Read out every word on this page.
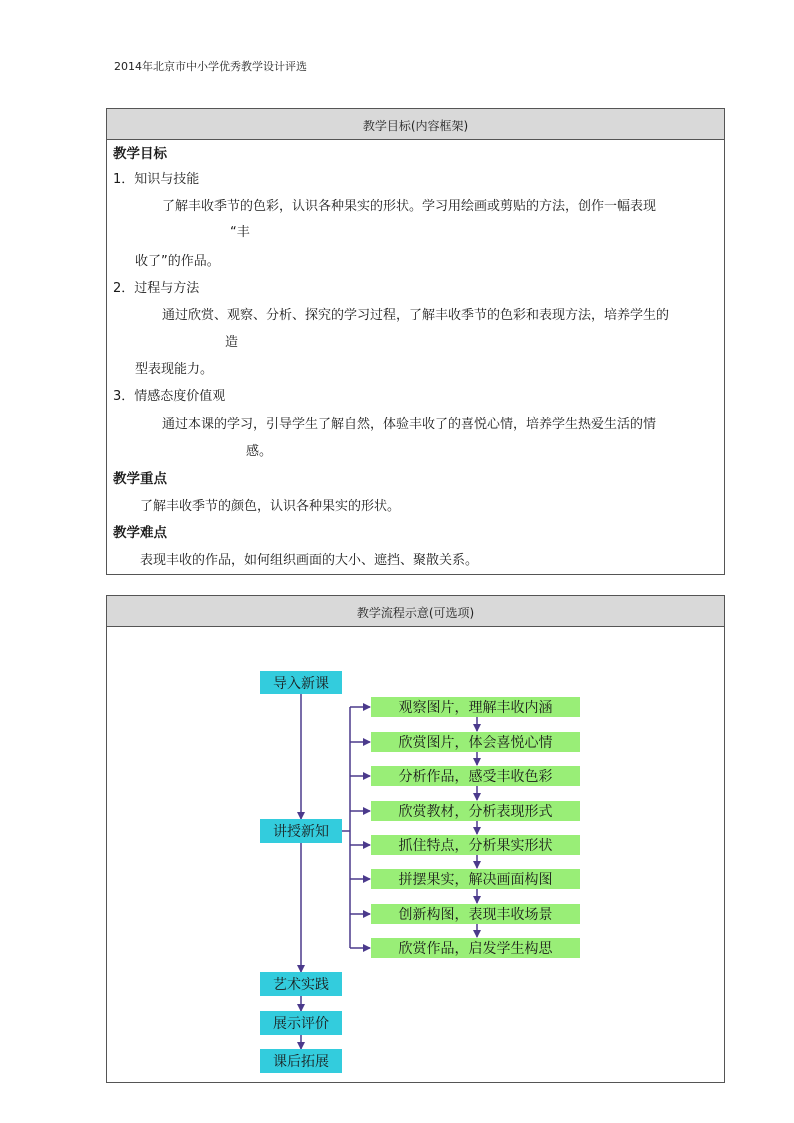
2014年北京市中小学优秀教学设计评选
教学目标(内容框架)
教学目标
1．知识与技能
了解丰收季节的色彩，认识各种果实的形状。学习用绘画或剪贴的方法，创作一幅表现
“丰
收了”的作品。
2．过程与方法
通过欣赏、观察、分析、探究的学习过程，了解丰收季节的色彩和表现方法，培养学生的
造
型表现能力。
3．情感态度价值观
通过本课的学习，引导学生了解自然，体验丰收了的喜悦心情，培养学生热爱生活的情
感。
教学重点
了解丰收季节的颜色，认识各种果实的形状。
教学难点
表现丰收的作品，如何组织画面的大小、遮挡、聚散关系。
教学流程示意(可选项)
导入新课
讲授新知
艺术实践
展示评价
课后拓展
观察图片，理解丰收内涵
欣赏图片，体会喜悦心情
分析作品，感受丰收色彩
欣赏教材，分析表现形式
抓住特点，分析果实形状
拼摆果实，解决画面构图
创新构图，表现丰收场景
欣赏作品，启发学生构思
